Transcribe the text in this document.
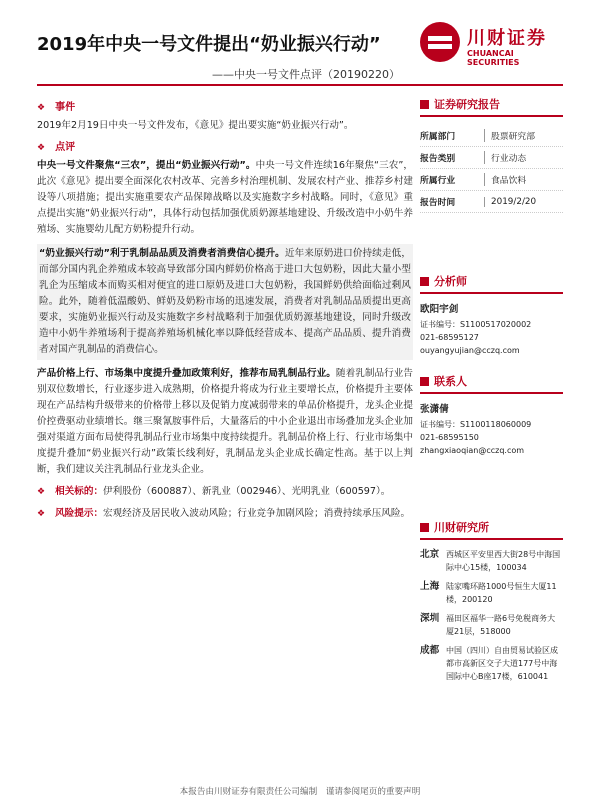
2019年中央一号文件提出“奶业振兴行动”	川财证券
CHUANCAI SECURITIES
——中央一号文件点评（20190220）
❖ 事件
2019年2月19日中央一号文件发布，《意见》提出要实施“奶业振兴行动”。
❖ 点评
中央一号文件聚焦“三农”，提出“奶业振兴行动”。中央一号文件连续16年聚焦“三农”，此次《意见》提出要全面深化农村改革、完善乡村治理机制、发展农村产业、推荐乡村建设等八项措施；提出实施重要农产品保障战略以及实施数字乡村战略。同时，《意见》重点提出实施“奶业振兴行动”，具体行动包括加强优质奶源基地建设、升级改造中小奶牛养殖场、实施婴幼儿配方奶粉提升行动。
“奶业振兴行动”利于乳制品品质及消费者消费信心提升。近年来原奶进口价持续走低，而部分国内乳企养殖成本较高导致部分国内鲜奶价格高于进口大包奶粉，因此大量小型乳企为压缩成本而购买相对便宜的进口原奶及进口大包奶粉，我国鲜奶供给面临过剩风险。此外，随着低温酸奶、鲜奶及奶粉市场的迅速发展，消费者对乳制品品质提出更高要求，实施奶业振兴行动及实施数字乡村战略利于加强优质奶源基地建设，同时升级改造中小奶牛养殖场利于提高养殖场机械化率以降低经营成本、提高产品品质、提升消费者对国产乳制品的消费信心。
产品价格上行、市场集中度提升叠加政策利好，推荐布局乳制品行业。随着乳制品行业告别双位数增长，行业逐步进入成熟期，价格提升将成为行业主要增长点，价格提升主要体现在产品结构升级带来的价格带上移以及促销力度减弱带来的单品价格提升，龙头企业提价控费驱动业绩增长。继三聚氰胺事件后，大量落后的中小企业退出市场叠加龙头企业加强对渠道方面布局使得乳制品行业市场集中度持续提升。乳制品价格上行、行业市场集中度提升叠加“奶业振兴行动”政策长线利好，乳制品龙头企业成长确定性高。基于以上判断，我们建议关注乳制品行业龙头企业。
❖ 相关标的：伊利股份（600887）、新乳业（002946）、光明乳业（600597）。
❖ 风险提示：宏观经济及居民收入波动风险；行业竞争加剧风险；消费持续承压风险。
证券研究报告
所属部门	股票研究部
报告类别	行业动态
所属行业	食品饮料
报告时间	2019/2/20
分析师
欧阳宇剑
证书编号：S1100517020002
021-68595127
ouyangyujian@cczq.com
联系人
张潇倩
证书编号：S1100118060009
021-68595150
zhangxiaoqian@cczq.com
川财研究所
北京 西城区平安里西大街28号中海国际中心15楼，100034
上海 陆家嘴环路1000号恒生大厦11楼，200120
深圳 福田区福华一路6号免税商务大厦21层，518000
成都 中国（四川）自由贸易试验区成都市高新区交子大道177号中海国际中心B座17楼，610041
本报告由川财证券有限责任公司编制　谨请参阅尾页的重要声明
